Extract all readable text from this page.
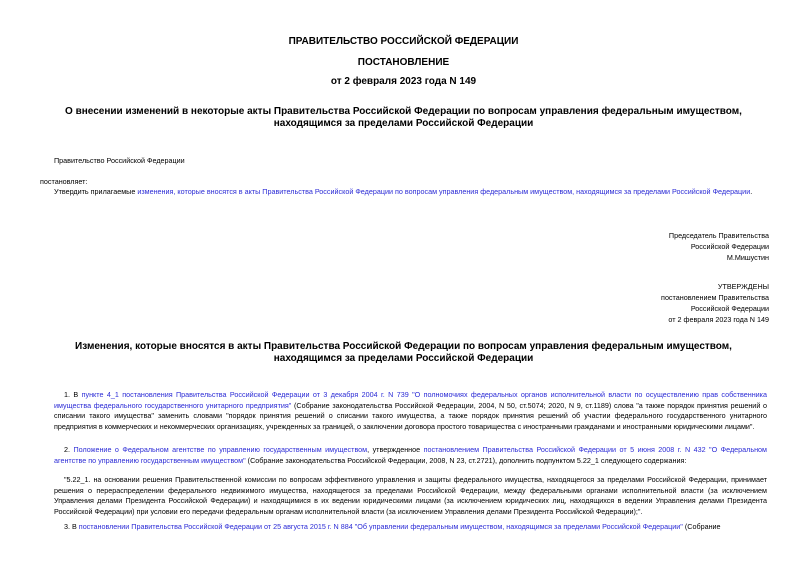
ПРАВИТЕЛЬСТВО РОССИЙСКОЙ ФЕДЕРАЦИИ
ПОСТАНОВЛЕНИЕ
от 2 февраля 2023 года N 149
О внесении изменений в некоторые акты Правительства Российской Федерации по вопросам управления федеральным имуществом, находящимся за пределами Российской Федерации
Правительство Российской Федерации
постановляет:
Утвердить прилагаемые изменения, которые вносятся в акты Правительства Российской Федерации по вопросам управления федеральным имуществом, находящимся за пределами Российской Федерации.
Председатель Правительства
Российской Федерации
М.Мишустин
УТВЕРЖДЕНЫ
постановлением Правительства
Российской Федерации
от 2 февраля 2023 года N 149
Изменения, которые вносятся в акты Правительства Российской Федерации по вопросам управления федеральным имуществом, находящимся за пределами Российской Федерации
1. В пункте 4_1 постановления Правительства Российской Федерации от 3 декабря 2004 г. N 739 "О полномочиях федеральных органов исполнительной власти по осуществлению прав собственника имущества федерального государственного унитарного предприятия" (Собрание законодательства Российской Федерации, 2004, N 50, ст.5074; 2020, N 9, ст.1189) слова "а также порядок принятия решений о списании такого имущества" заменить словами "порядок принятия решений о списании такого имущества, а также порядок принятия решений об участии федерального государственного унитарного предприятия в коммерческих и некоммерческих организациях, учрежденных за границей, о заключении договора простого товарищества с иностранными гражданами и иностранными юридическими лицами".
2. Положение о Федеральном агентстве по управлению государственным имуществом, утвержденное постановлением Правительства Российской Федерации от 5 июня 2008 г. N 432 "О Федеральном агентстве по управлению государственным имуществом" (Собрание законодательства Российской Федерации, 2008, N 23, ст.2721), дополнить подпунктом 5.22_1 следующего содержания:
"5.22_1. на основании решения Правительственной комиссии по вопросам эффективного управления и защиты федерального имущества, находящегося за пределами Российской Федерации, принимает решения о перераспределении федерального недвижимого имущества, находящегося за пределами Российской Федерации, между федеральными органами исполнительной власти (за исключением Управления делами Президента Российской Федерации) и находящимися в их ведении юридическими лицами (за исключением юридических лиц, находящихся в ведении Управления делами Президента Российской Федерации) при условии его передачи федеральным органам исполнительной власти (за исключением Управления делами Президента Российской Федерации);".
3. В постановлении Правительства Российской Федерации от 25 августа 2015 г. N 884 "Об управлении федеральным имуществом, находящимся за пределами Российской Федерации" (Собрание
